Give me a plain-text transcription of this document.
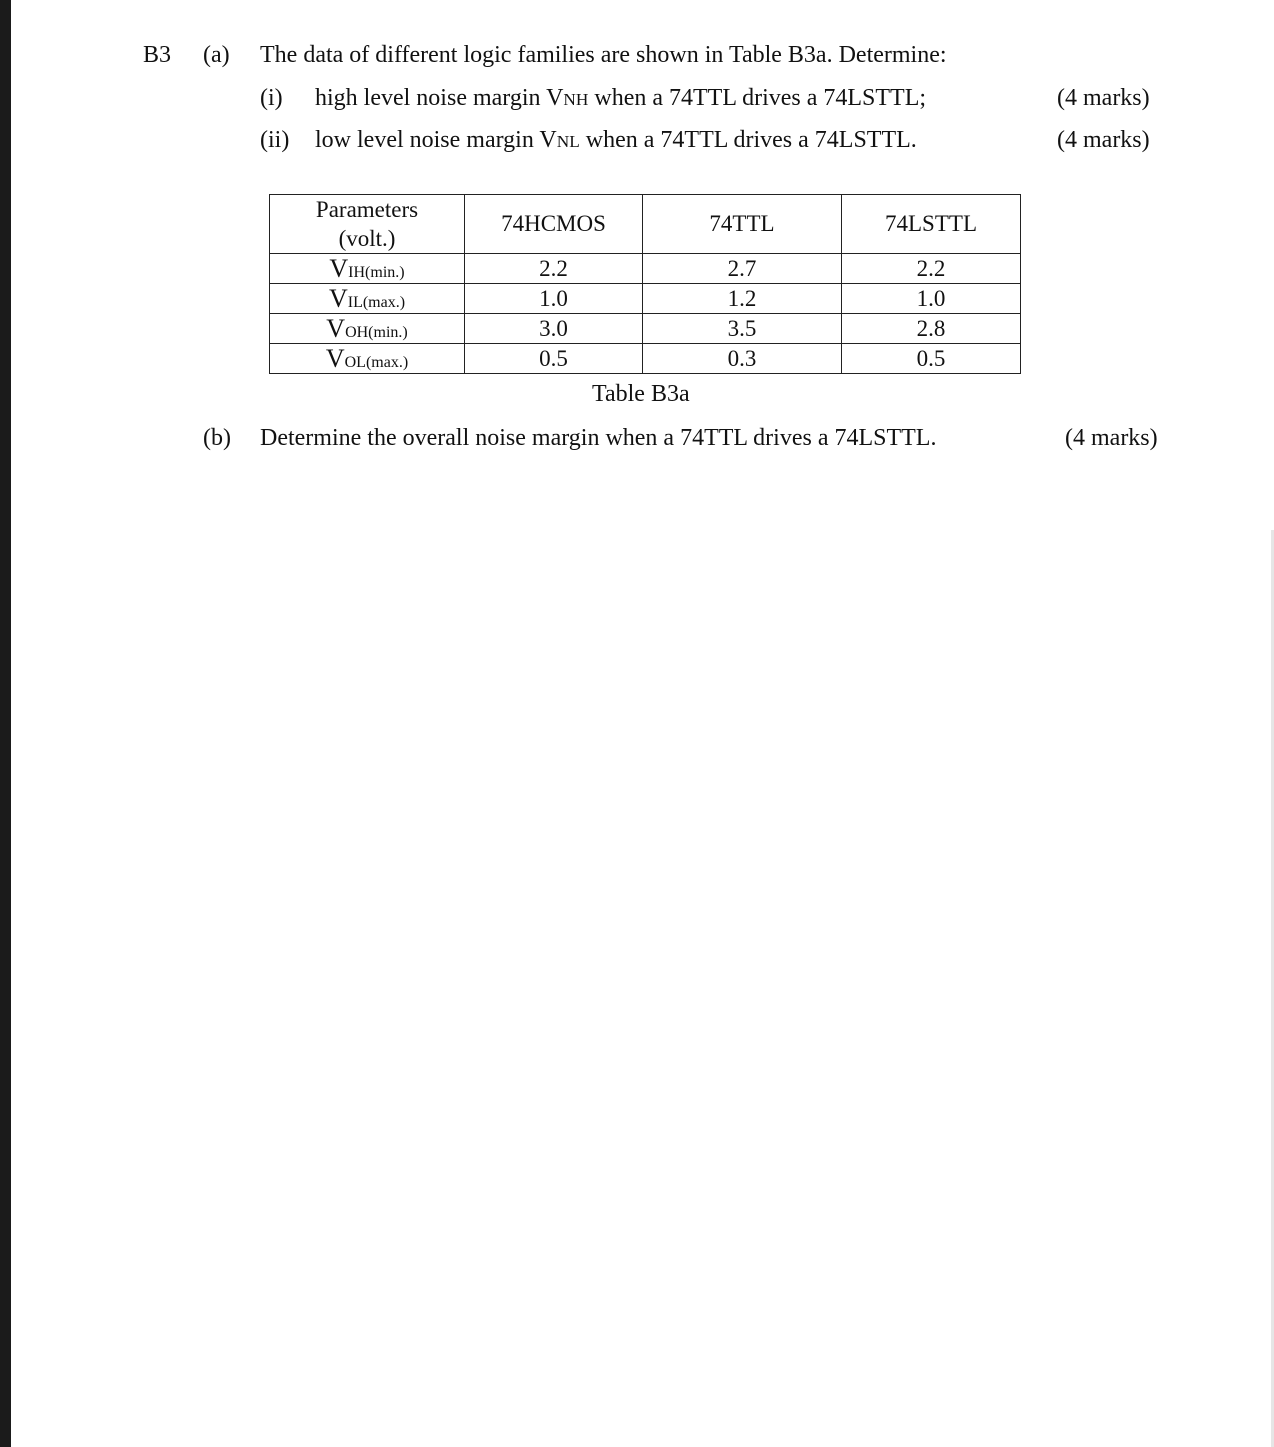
B3 (a) The data of different logic families are shown in Table B3a. Determine:
(i) high level noise margin VNH when a 74TTL drives a 74LSTTL;	(4 marks)
(ii) low level noise margin VNL when a 74TTL drives a 74LSTTL.	(4 marks)
Parameters
(volt.)	74HCMOS	74TTL	74LSTTL
VIH(min.)	2.2	2.7	2.2
VIL(max.)	1.0	1.2	1.0
VOH(min.)	3.0	3.5	2.8
VOL(max.)	0.5	0.3	0.5
Table B3a
(b) Determine the overall noise margin when a 74TTL drives a 74LSTTL.	(4 marks)
